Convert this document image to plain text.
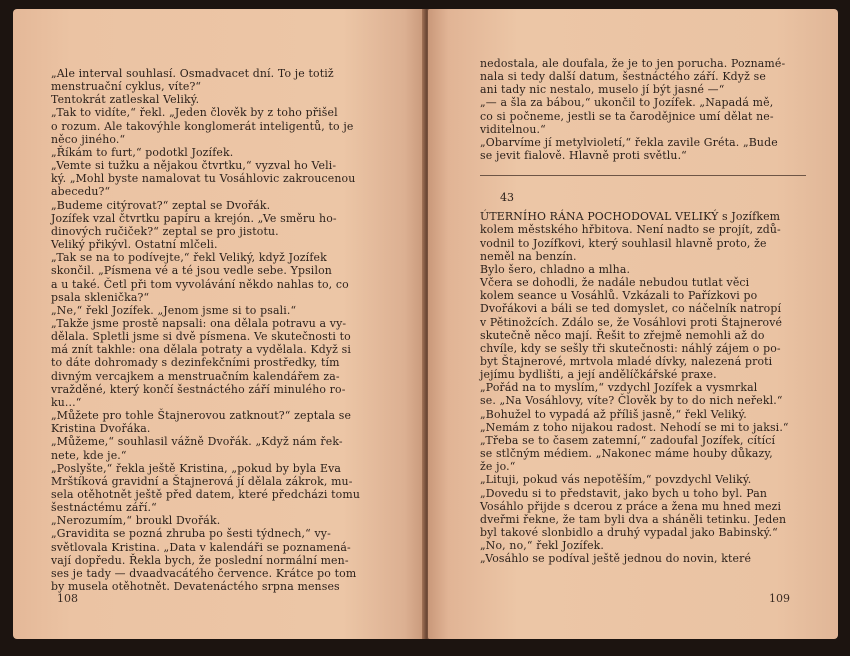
„Ale interval souhlasí. Osmadvacet dní. To je totiž
menstruační cyklus, víte?“
Tentokrát zatleskal Veliký.
„Tak to vidíte,“ řekl. „Jeden člověk by z toho přišel
o rozum. Ale takovýhle konglomerát inteligentů, to je
něco jiného.“
„Říkám to furt,“ podotkl Jozífek.
„Vemte si tužku a nějakou čtvrtku,“ vyzval ho Veli-
ký. „Mohl byste namalovat tu Vosáhlovic zakroucenou
abecedu?“
„Budeme citýrovat?“ zeptal se Dvořák.
Jozífek vzal čtvrtku papíru a krejón. „Ve směru ho-
dinových ručiček?“ zeptal se pro jistotu.
Veliký přikývl. Ostatní mlčeli.
„Tak se na to podívejte,“ řekl Veliký, když Jozífek
skončil. „Písmena vé a té jsou vedle sebe. Ypsilon
a u také. Četl při tom vyvolávání někdo nahlas to, co
psala sklenička?“
„Ne,“ řekl Jozífek. „Jenom jsme si to psali.“
„Takže jsme prostě napsali: ona dělala potravu a vy-
dělala. Spletli jsme si dvě písmena. Ve skutečnosti to
má znít takhle: ona dělala potraty a vydělala. Když si
to dáte dohromady s dezinfekčními prostředky, tím
divným vercajkem a menstruačním kalendářem za-
vražděné, který končí šestnáctého září minulého ro-
ku...“
„Můžete pro tohle Štajnerovou zatknout?“ zeptala se
Kristina Dvořáka.
„Můžeme,“ souhlasil vážně Dvořák. „Když nám řek-
nete, kde je.“
„Poslyšte,“ řekla ještě Kristina, „pokud by byla Eva
Mrštíková gravidní a Štajnerová jí dělala zákrok, mu-
sela otěhotnět ještě před datem, které předcházi tomu
šestnáctému září.“
„Nerozumím,“ broukl Dvořák.
„Gravidita se pozná zhruba po šesti týdnech,“ vy-
světlovala Kristina. „Data v kalendáři se poznamená-
vají dopředu. Řekla bych, že poslední normální men-
ses je tady — dvaadvacátého července. Krátce po tom
by musela otěhotnět. Devatenáctého srpna menses
108
nedostala, ale doufala, že je to jen porucha. Poznamé-
nala si tedy další datum, šestnáctého září. Když se
ani tady nic nestalo, muselo jí být jasné —“
„— a šla za bábou,“ ukončil to Jozífek. „Napadá mě,
co si počneme, jestli se ta čarodějnice umí dělat ne-
viditelnou.“
„Obarvíme jí metylvioletí,“ řekla zavile Gréta. „Bude
se jevit fialově. Hlavně proti světlu.“
43
ÚTERNÍHO RÁNA POCHODOVAL VELIKÝ s Jozífkem
kolem městského hřbitova. Není nadto se projít, zdů-
vodnil to Jozífkovi, který souhlasil hlavně proto, že
neměl na benzín.
Bylo šero, chladno a mlha.
Včera se dohodli, že nadále nebudou tutlat věci
kolem seance u Vosáhlů. Vzkázali to Pařízkovi po
Dvořákovi a báli se ted domyslet, co náčelník natropí
v Pětinožcích. Zdálo se, že Vosáhlovi proti Štajnerové
skutečně něco mají. Řešit to zřejmě nemohli až do
chvíle, kdy se sešly tři skutečnosti: náhlý zájem o po-
byt Štajnerové, mrtvola mladé dívky, nalezená proti
jejímu bydlišti, a její andělíčkářské praxe.
„Pořád na to myslím,“ vzdychl Jozífek a vysmrkal
se. „Na Vosáhlovy, víte? Člověk by to do nich neřekl.“
„Bohužel to vypadá až příliš jasně,“ řekl Veliký.
„Nemám z toho nijakou radost. Nehodí se mi to jaksi.“
„Třeba se to časem zatemní,“ zadoufal Jozífek, cítící
se stlčným médiem. „Nakonec máme houby důkazy,
že jo.“
„Lituji, pokud vás nepotěším,“ povzdychl Veliký.
„Dovedu si to představit, jako bych u toho byl. Pan
Vosáhlo přijde s dcerou z práce a žena mu hned mezi
dveřmi řekne, že tam byli dva a sháněli tetinku. Jeden
byl takové slonbidlo a druhý vypadal jako Babinský.“
„No, no,“ řekl Jozífek.
„Vosáhlo se podíval ještě jednou do novin, které
109
